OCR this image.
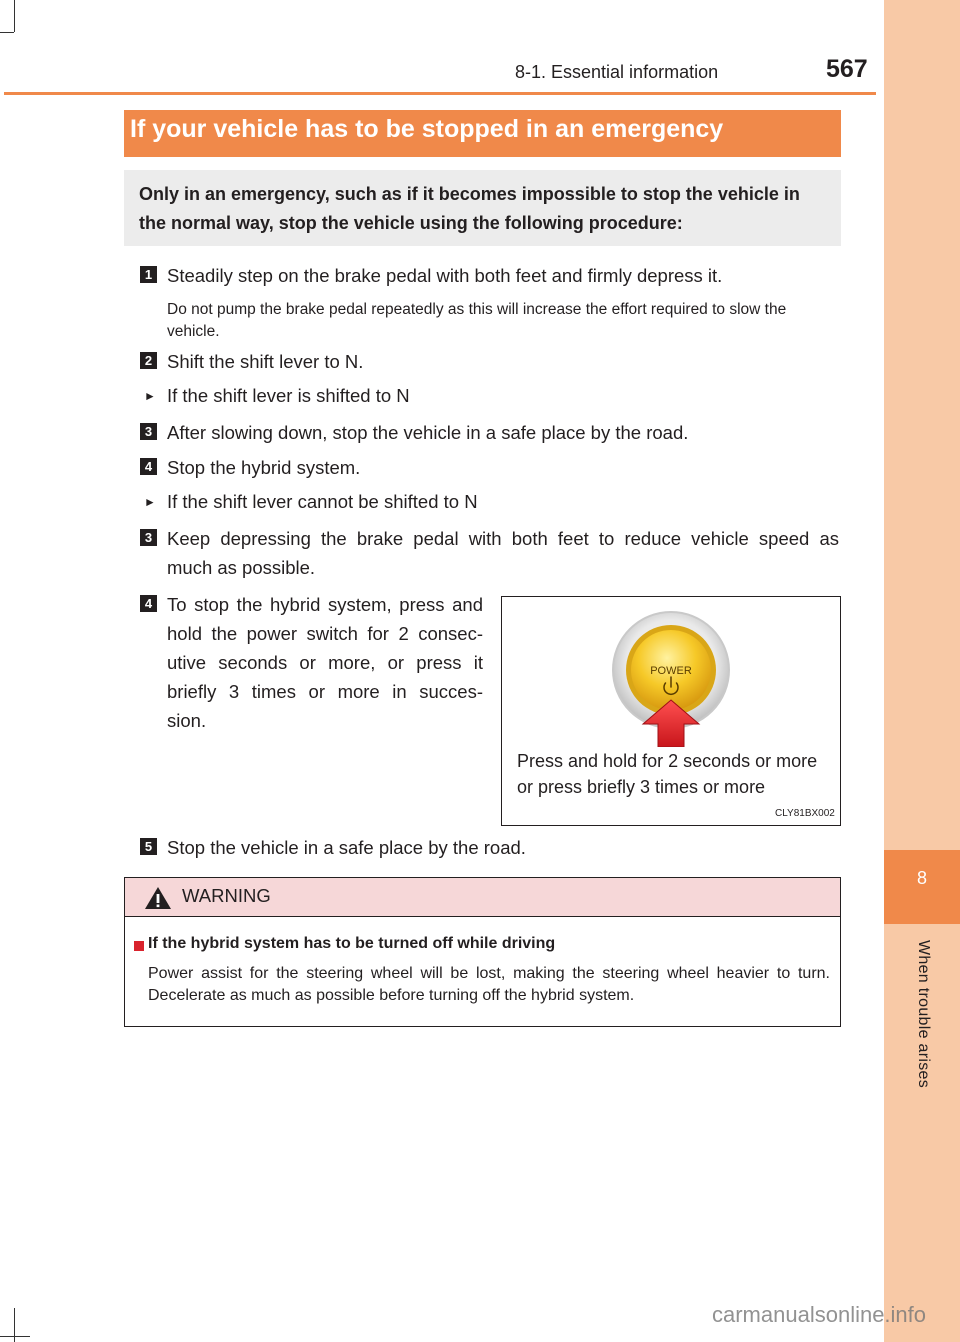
8
When trouble arises
8-1. Essential information	567
If your vehicle has to be stopped in an emergency
Only in an emergency, such as if it becomes impossible to stop the vehicle in the normal way, stop the vehicle using the following procedure:
1 Steadily step on the brake pedal with both feet and firmly depress it.
Do not pump the brake pedal repeatedly as this will increase the effort required to slow the vehicle.
2 Shift the shift lever to N.
► If the shift lever is shifted to N
3 After slowing down, stop the vehicle in a safe place by the road.
4 Stop the hybrid system.
► If the shift lever cannot be shifted to N
3 Keep depressing the brake pedal with both feet to reduce vehicle speed as
much as possible.
4 To stop the hybrid system, press and
hold the power switch for 2 consec-
utive seconds or more, or press it
briefly 3 times or more in succes-
sion.
POWER
Press and hold for 2 seconds or more
or press briefly 3 times or more
CLY81BX002
5 Stop the vehicle in a safe place by the road.
WARNING
If the hybrid system has to be turned off while driving
Power assist for the steering wheel will be lost, making the steering wheel heavier to turn. Decelerate as much as possible before turning off the hybrid system.
carmanualsonline.info
